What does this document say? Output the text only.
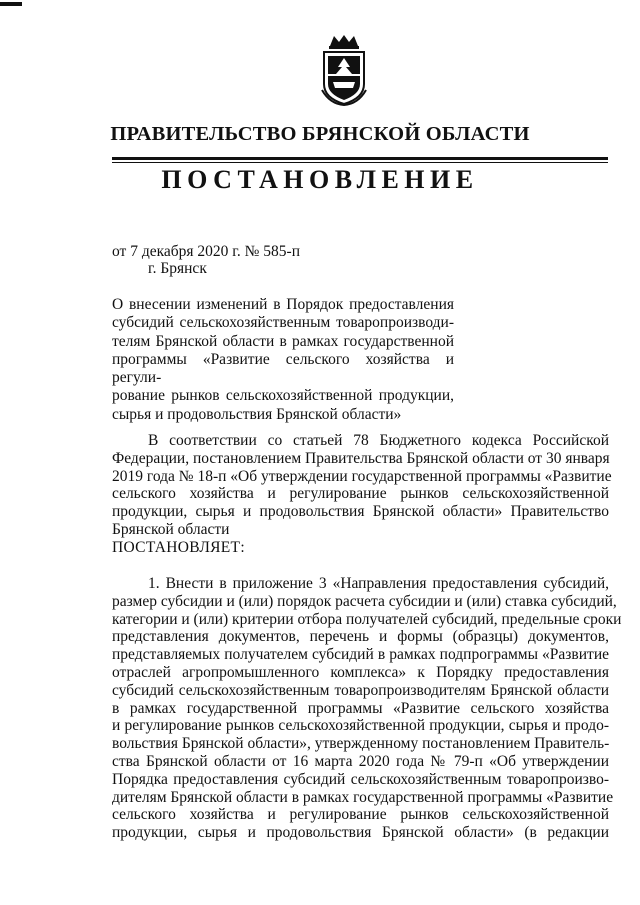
ПРАВИТЕЛЬСТВО БРЯНСКОЙ ОБЛАСТИ
ПОСТАНОВЛЕНИЕ
от 7 декабря 2020 г. № 585-п
г. Брянск
О внесении изменений в Порядок предоставления
субсидий сельскохозяйственным товаропроизводи-
телям Брянской области в рамках государственной
программы «Развитие сельского хозяйства и регули-
рование рынков сельскохозяйственной продукции,
сырья и продовольствия Брянской области»
В соответствии со статьей 78 Бюджетного кодекса Российской
Федерации, постановлением Правительства Брянской области от 30 января
2019 года № 18-п «Об утверждении государственной программы «Развитие
сельского хозяйства и регулирование рынков сельскохозяйственной
продукции, сырья и продовольствия Брянской области» Правительство
Брянской области
ПОСТАНОВЛЯЕТ:
1. Внести в приложение 3 «Направления предоставления субсидий,
размер субсидии и (или) порядок расчета субсидии и (или) ставка субсидий,
категории и (или) критерии отбора получателей субсидий, предельные сроки
представления документов, перечень и формы (образцы) документов,
представляемых получателем субсидий в рамках подпрограммы «Развитие
отраслей агропромышленного комплекса» к Порядку предоставления
субсидий сельскохозяйственным товаропроизводителям Брянской области
в рамках государственной программы «Развитие сельского хозяйства
и регулирование рынков сельскохозяйственной продукции, сырья и продо-
вольствия Брянской области», утвержденному постановлением Правитель-
ства Брянской области от 16 марта 2020 года № 79-п «Об утверждении
Порядка предоставления субсидий сельскохозяйственным товаропроизво-
дителям Брянской области в рамках государственной программы «Развитие
сельского хозяйства и регулирование рынков сельскохозяйственной
продукции, сырья и продовольствия Брянской области» (в редакции
